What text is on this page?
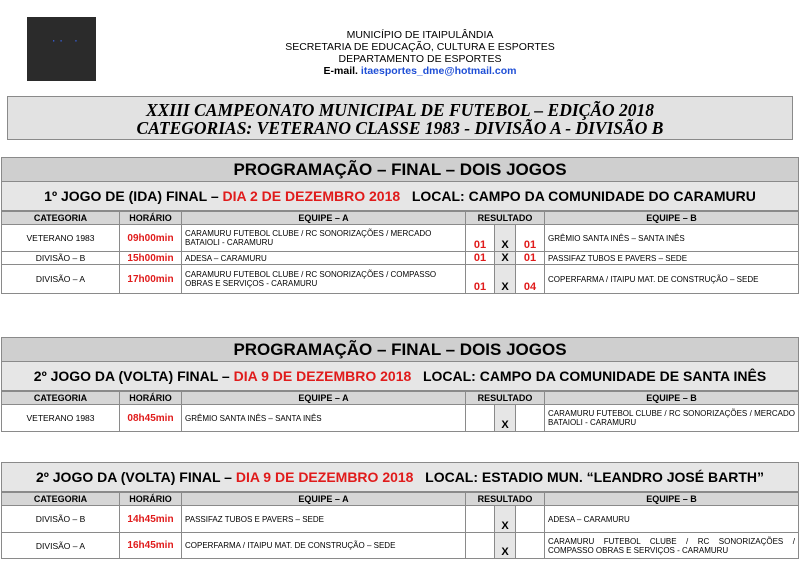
·· ·
MUNICÍPIO DE ITAIPULÂNDIA
SECRETARIA DE EDUCAÇÃO, CULTURA E ESPORTES
DEPARTAMENTO DE ESPORTES
E-mail. itaesportes_dme@hotmail.com
XXIII CAMPEONATO MUNICIPAL DE FUTEBOL – EDIÇÃO 2018
CATEGORIAS: VETERANO CLASSE 1983 - DIVISÃO A - DIVISÃO B
PROGRAMAÇÃO – FINAL – DOIS JOGOS
1º JOGO DE (IDA) FINAL – DIA 2 DE DEZEMBRO 2018 LOCAL: CAMPO DA COMUNIDADE DO CARAMURU
CATEGORIA	HORÁRIO	EQUIPE – A	RESULTADO			EQUIPE – B
VETERANO 1983	09h00min	CARAMURU FUTEBOL CLUBE / RC SONORIZAÇÕES / MERCADO BATAIOLI - CARAMURU	01	X	01	GRÊMIO SANTA INÊS – SANTA INÊS
DIVISÃO – B	15h00min	ADESA – CARAMURU	01	X	01	PASSIFAZ TUBOS E PAVERS – SEDE
DIVISÃO – A	17h00min	CARAMURU FUTEBOL CLUBE / RC SONORIZAÇÕES / COMPASSO OBRAS E SERVIÇOS - CARAMURU	01	X	04	COPERFARMA / ITAIPU MAT. DE CONSTRUÇÃO – SEDE
PROGRAMAÇÃO – FINAL – DOIS JOGOS
2º JOGO DA (VOLTA) FINAL – DIA 9 DE DEZEMBRO 2018 LOCAL: CAMPO DA COMUNIDADE DE SANTA INÊS
CATEGORIA	HORÁRIO	EQUIPE – A	RESULTADO			EQUIPE – B
VETERANO 1983	08h45min	GRÊMIO SANTA INÊS – SANTA INÊS		X		CARAMURU FUTEBOL CLUBE / RC SONORIZAÇÕES / MERCADO BATAIOLI - CARAMURU
2º JOGO DA (VOLTA) FINAL – DIA 9 DE DEZEMBRO 2018 LOCAL: ESTADIO MUN. “LEANDRO JOSÉ BARTH”
CATEGORIA	HORÁRIO	EQUIPE – A	RESULTADO			EQUIPE – B
DIVISÃO – B	14h45min	PASSIFAZ TUBOS E PAVERS – SEDE		X		ADESA – CARAMURU
DIVISÃO – A	16h45min	COPERFARMA / ITAIPU MAT. DE CONSTRUÇÃO – SEDE		X		CARAMURU FUTEBOL CLUBE / RC SONORIZAÇÕES / COMPASSO OBRAS E SERVIÇOS - CARAMURU
